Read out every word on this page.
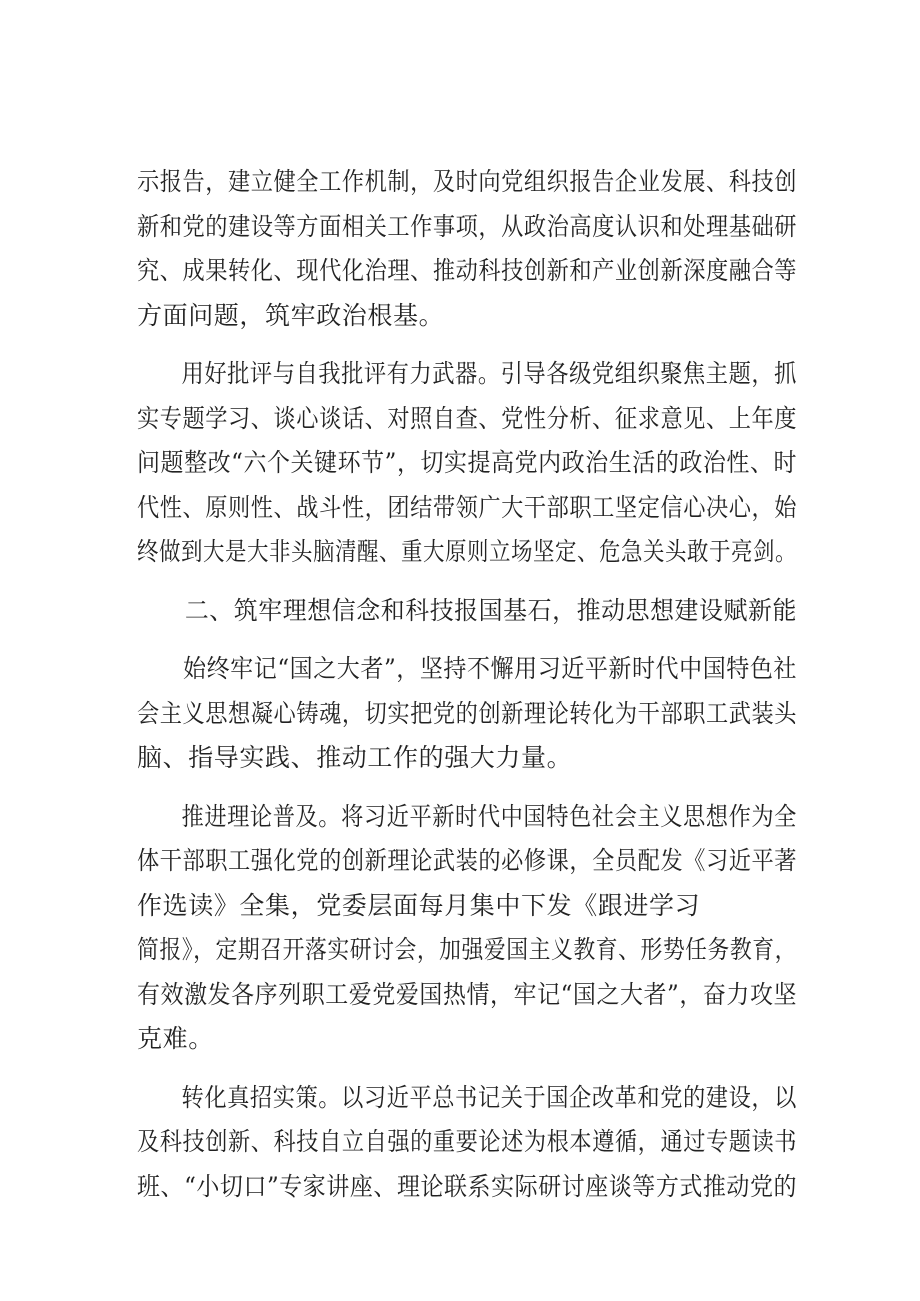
示报告，建立健全工作机制，及时向党组织报告企业发展、科技创
新和党的建设等方面相关工作事项，从政治高度认识和处理基础研
究、成果转化、现代化治理、推动科技创新和产业创新深度融合等
方面问题，筑牢政治根基。

用好批评与自我批评有力武器。引导各级党组织聚焦主题，抓
实专题学习、谈心谈话、对照自查、党性分析、征求意见、上年度
问题整改“六个关键环节”，切实提高党内政治生活的政治性、时
代性、原则性、战斗性，团结带领广大干部职工坚定信心决心，始
终做到大是大非头脑清醒、重大原则立场坚定、危急关头敢于亮剑。

二、筑牢理想信念和科技报国基石，推动思想建设赋新能

始终牢记“国之大者”，坚持不懈用习近平新时代中国特色社
会主义思想凝心铸魂，切实把党的创新理论转化为干部职工武装头
脑、指导实践、推动工作的强大力量。

推进理论普及。将习近平新时代中国特色社会主义思想作为全
体干部职工强化党的创新理论武装的必修课，全员配发《习近平著
作选读》全集，党委层面每月集中下发《跟进学习
简报》，定期召开落实研讨会，加强爱国主义教育、形势任务教育，
有效激发各序列职工爱党爱国热情，牢记“国之大者”，奋力攻坚
克难。

转化真招实策。以习近平总书记关于国企改革和党的建设，以
及科技创新、科技自立自强的重要论述为根本遵循，通过专题读书
班、“小切口”专家讲座、理论联系实际研讨座谈等方式推动党的
